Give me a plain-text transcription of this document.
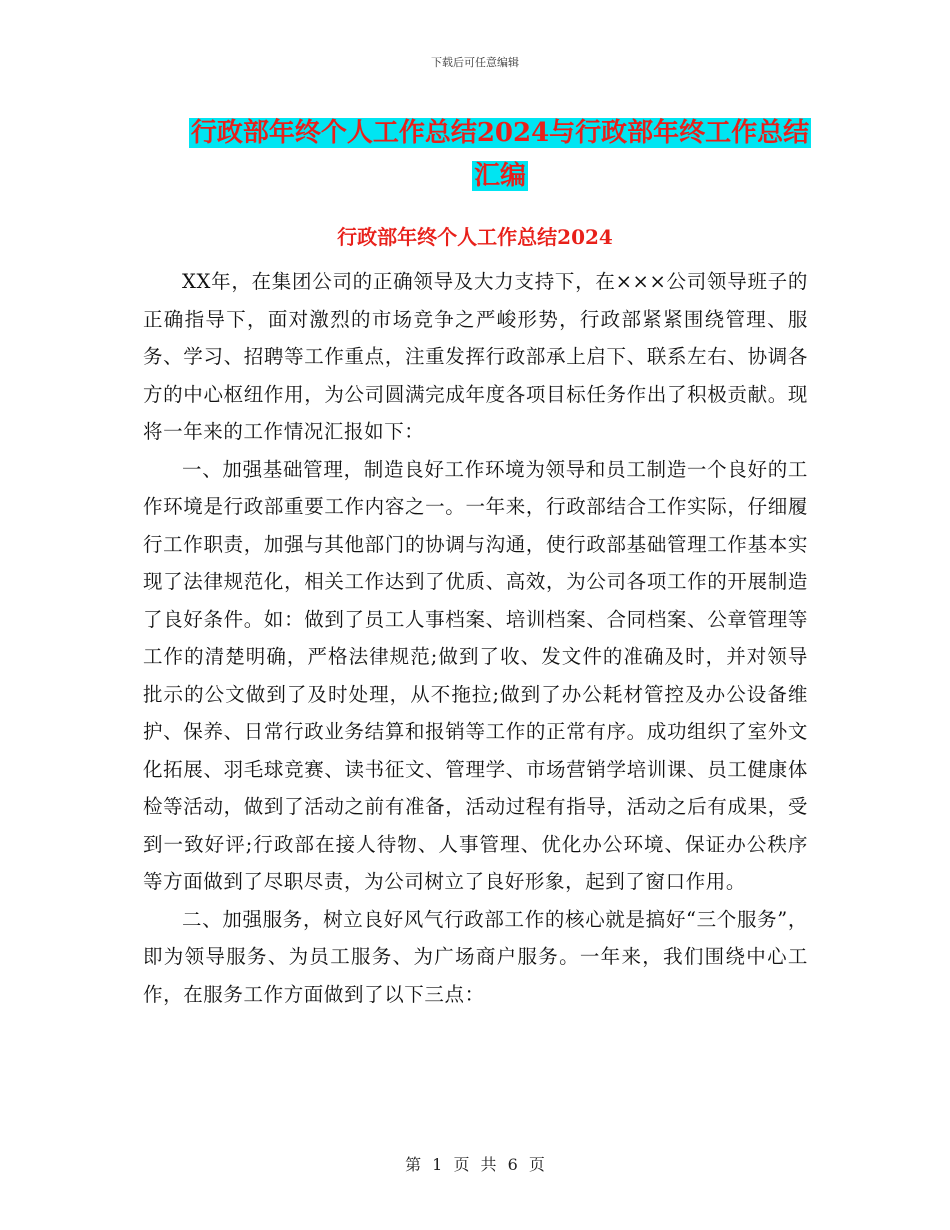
下载后可任意编辑
行政部年终个人工作总结2024与行政部年终工作总结
汇编
行政部年终个人工作总结2024

XX年，在集团公司的正确领导及大力支持下，在×××公司领导班子的正确指导下，面对激烈的市场竞争之严峻形势，行政部紧紧围绕管理、服务、学习、招聘等工作重点，注重发挥行政部承上启下、联系左右、协调各方的中心枢纽作用，为公司圆满完成年度各项目标任务作出了积极贡献。现将一年来的工作情况汇报如下：

一、加强基础管理，制造良好工作环境为领导和员工制造一个良好的工作环境是行政部重要工作内容之一。一年来，行政部结合工作实际，仔细履行工作职责，加强与其他部门的协调与沟通，使行政部基础管理工作基本实现了法律规范化，相关工作达到了优质、高效，为公司各项工作的开展制造了良好条件。如：做到了员工人事档案、培训档案、合同档案、公章管理等工作的清楚明确，严格法律规范;做到了收、发文件的准确及时，并对领导批示的公文做到了及时处理，从不拖拉;做到了办公耗材管控及办公设备维护、保养、日常行政业务结算和报销等工作的正常有序。成功组织了室外文化拓展、羽毛球竞赛、读书征文、管理学、市场营销学培训课、员工健康体检等活动，做到了活动之前有准备，活动过程有指导，活动之后有成果，受到一致好评;行政部在接人待物、人事管理、优化办公环境、保证办公秩序等方面做到了尽职尽责，为公司树立了良好形象，起到了窗口作用。

二、加强服务，树立良好风气行政部工作的核心就是搞好“三个服务”，即为领导服务、为员工服务、为广场商户服务。一年来，我们围绕中心工作，在服务工作方面做到了以下三点：

第 1 页 共 6 页
